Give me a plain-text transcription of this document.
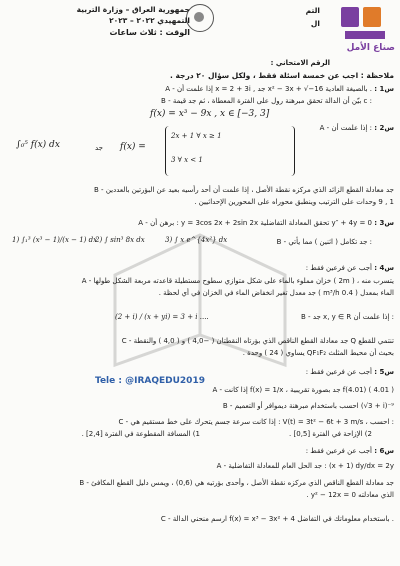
جمهورية العراق – وزارة التربية
التمهيدي ٢٠٢٢ – ٢٠٢٣
الوقت : ثلاث ساعات
التم
ال
الرقم الامتحاني :
صناع الأمل
ملاحظة : اجب عن خمسة اسئلة فقط ، ولكل سؤال ٢٠ درجة .
س1 :
A - إذا علمت أن x = 2 + 3i , جد x² − 3x + √−16 بالصيغة العادية .
B - بيّن أن الدالة تحقق مبرهنة رول على الفترة المعطاة ، ثم جد قيمة c :
f(x) = x³ − 9x , x ∈ [−3, 3]
س2 :
A - إذا علمت أن :
2x + 1 ∀ x ≥ 1
3 ∀ x < 1
f(x) =
جد
∫₀⁵ f(x) dx
B - جد معادلة القطع الزائد الذي مركزه نقطة الأصل ، إذا علمت أن أحد رأسيه بعيد عن البؤرتين بالعددين
1 , 9 وحدات على الترتيب وينطبق محوراه على المحورين الإحداثيين .
س3 :
A - برهن أن : y = 3cos 2x + 2sin 2x تحقق المعادلة التفاضلية y″ + 4y = 0
B - جد تكامل ( اثنين ) مما يأتي :
1) ∫₁³ (x³ − 1)/(x − 1) dx
2) ∫ sin³ 8x dx	3) ∫ x e^{4x²} dx
س4 :
أجب عن فرعين فقط :
A - خزان مملوء بالماء على شكل متوازي سطوح مستطيلة قاعدته مربعة الشكل طولها ( 2m ) ، يتسرب منه
الماء بمعدل ( 0.4 m³/h ) جد معدل تغير انخفاض الماء في الخزان في أي لحظة .
B - جد x, y ∈ R إذا علمت أن :
(2 + i) / (x + yi) = 3 + i ....
C - جد معادلة القطع الناقص الذي بؤرتاه النقطتان ( −4,0 ) و ( 4,0 ) والنقطة Q تنتمي للقطع
بحيث أن محيط المثلث QF₁F₂ يساوي ( 24 ) وحدة .
س5 :
أجب عن فرعين فقط :
Tele : @IRAQEDU2019
A - إذا كانت f(x) = 1/x ، جد بصورة تقريبية f(4.01) ( 4.01 )
B - احسب باستخدام مبرهنة ديموافر أو التعميم (√3 + i)⁻⁹
C - إذا كانت سرعة جسم يتحرك على خط مستقيم هي : V(t) = 3t² − 6t + 3 m/s ، احسب :
1) المسافة المقطوعة في الفترة [2,4] .	2) الإزاحة في الفترة [0,5] .
س6 :
أجب عن فرعين فقط :
A - جد الحل العام للمعادلة التفاضلية : (x + 1) dy/dx = 2y
B - جد معادلة القطع الناقص الذي مركزه نقطة الأصل ، وأحدى بؤرتيه هي (0,6) ، ويمس دليل القطع المكافئ
الذي معادلته y² − 12x = 0 .
C - ارسم منحني الدالة f(x) = x³ − 3x² + 4 باستخدام معلوماتك في التفاضل .
